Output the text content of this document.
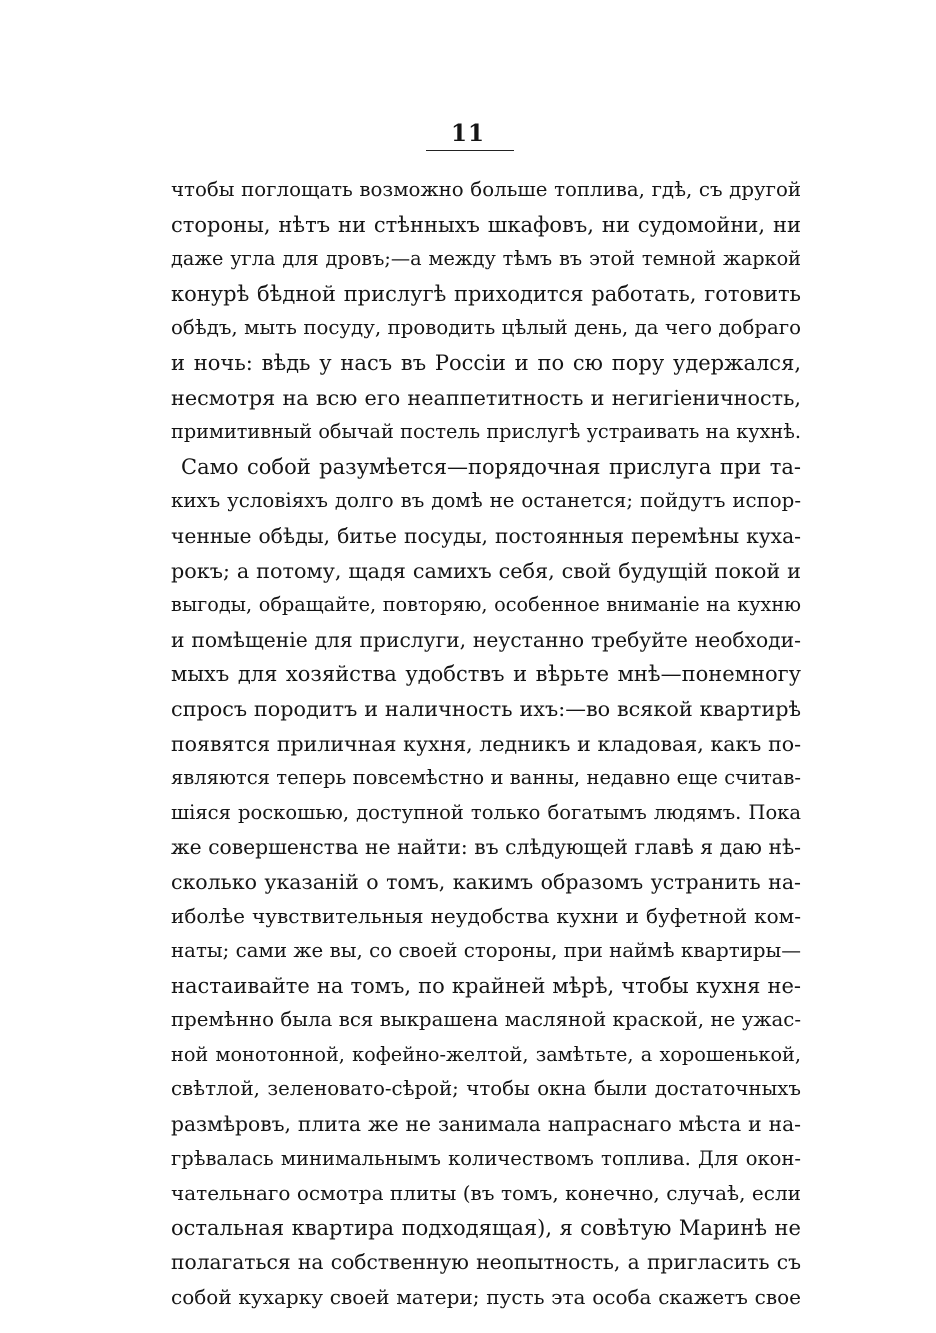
11
чтобы поглощать возможно больше топлива, гдѣ, съ другой
стороны, нѣтъ ни стѣнныхъ шкафовъ, ни судомойни, ни
даже угла для дровъ;—а между тѣмъ въ этой темной жаркой
конурѣ бѣдной прислугѣ приходится работать, готовить
обѣдъ, мыть посуду, проводить цѣлый день, да чего добраго
и ночь: вѣдь у насъ въ Россіи и по сю пору удержался,
несмотря на всю его неаппетитность и негигіеничность,
примитивный обычай постель прислугѣ устраивать на кухнѣ.
Само собой разумѣется—порядочная прислуга при та-
кихъ условіяхъ долго въ домѣ не останется; пойдутъ испор-
ченные обѣды, битье посуды, постоянныя перемѣны куха-
рокъ; а потому, щадя самихъ себя, свой будущій покой и
выгоды, обращайте, повторяю, особенное вниманіе на кухню
и помѣщеніе для прислуги, неустанно требуйте необходи-
мыхъ для хозяйства удобствъ и вѣрьте мнѣ—понемногу
спросъ породитъ и наличность ихъ:—во всякой квартирѣ
появятся приличная кухня, ледникъ и кладовая, какъ по-
являются теперь повсемѣстно и ванны, недавно еще считав-
шіяся роскошью, доступной только богатымъ людямъ. Пока
же совершенства не найти: въ слѣдующей главѣ я даю нѣ-
сколько указаній о томъ, какимъ образомъ устранить на-
иболѣе чувствительныя неудобства кухни и буфетной ком-
наты; сами же вы, со своей стороны, при наймѣ квартиры—
настаивайте на томъ, по крайней мѣрѣ, чтобы кухня не-
премѣнно была вся выкрашена масляной краской, не ужас-
ной монотонной, кофейно-желтой, замѣтьте, а хорошенькой,
свѣтлой, зеленовато-сѣрой; чтобы окна были достаточныхъ
размѣровъ, плита же не занимала напраснаго мѣста и на-
грѣвалась минимальнымъ количествомъ топлива. Для окон-
чательнаго осмотра плиты (въ томъ, конечно, случаѣ, если
остальная квартира подходящая), я совѣтую Маринѣ не
полагаться на собственную неопытность, а пригласить съ
собой кухарку своей матери; пусть эта особа скажетъ свое
